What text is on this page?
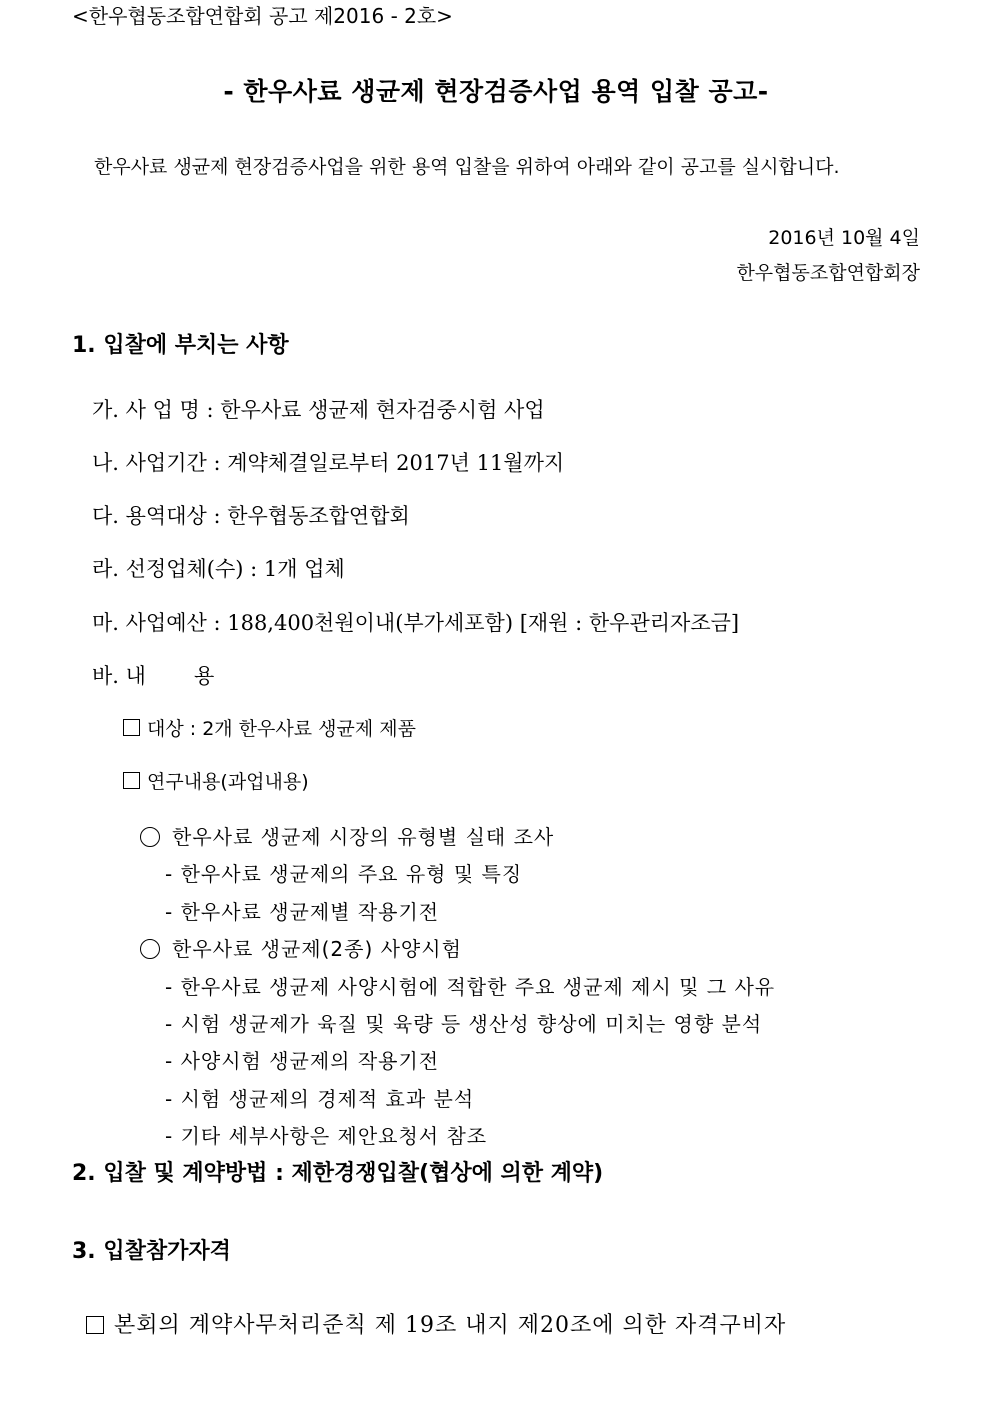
<한우협동조합연합회 공고 제2016 - 2호>
- 한우사료 생균제 현장검증사업 용역 입찰 공고-
한우사료 생균제 현장검증사업을 위한 용역 입찰을 위하여 아래와 같이 공고를 실시합니다.
2016년 10월 4일
한우협동조합연합회장
1. 입찰에 부치는 사항
가. 사 업 명 : 한우사료 생균제 현자검중시험 사업
나. 사업기간 : 계약체결일로부터 2017년 11월까지
다. 용역대상 : 한우협동조합연합회
라. 선정업체(수) : 1개 업체
마. 사업예산 : 188,400천원이내(부가세포함) [재원 : 한우관리자조금]
바. 내 용
대상 : 2개 한우사료 생균제 제품
연구내용(과업내용)
한우사료 생균제 시장의 유형별 실태 조사
- 한우사료 생균제의 주요 유형 및 특징
- 한우사료 생균제별 작용기전
한우사료 생균제(2종) 사양시험
- 한우사료 생균제 사양시험에 적합한 주요 생균제 제시 및 그 사유
- 시험 생균제가 육질 및 육량 등 생산성 향상에 미치는 영향 분석
- 사양시험 생균제의 작용기전
- 시험 생균제의 경제적 효과 분석
- 기타 세부사항은 제안요청서 참조
2. 입찰 및 계약방법 : 제한경쟁입찰(협상에 의한 계약)
3. 입찰참가자격
본회의 계약사무처리준칙 제 19조 내지 제20조에 의한 자격구비자
